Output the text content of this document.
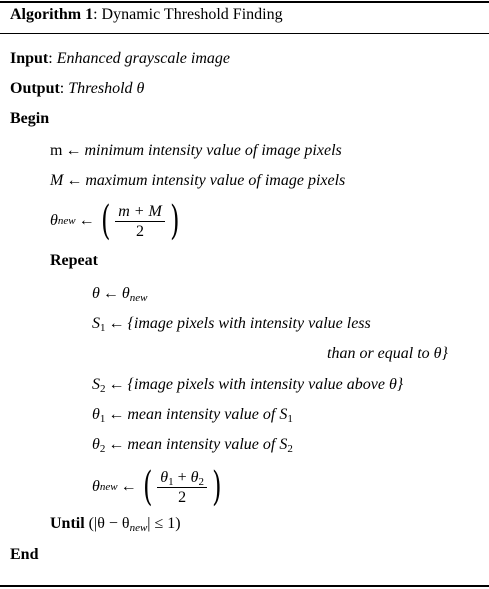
Algorithm 1: Dynamic Threshold Finding
Input: Enhanced grayscale image
Output: Threshold θ
Begin
m ← minimum intensity value of image pixels
M ← maximum intensity value of image pixels
θ new ← ( $\frac{m + M}{2}$ )
Repeat
θ ← $\theta_{new}$
$S_1$ ← {image pixels with intensity value less
than or equal to θ}
$S_2$ ← {image pixels with intensity value above θ}
$\theta_1$ ← mean intensity value of $S_1$
$\theta_2$ ← mean intensity value of $S_2$
θ new ← ( $\frac{\theta_1 + \theta_2}{2}$ )
Until $(|\theta - \theta_{new}| \le 1)$
End
